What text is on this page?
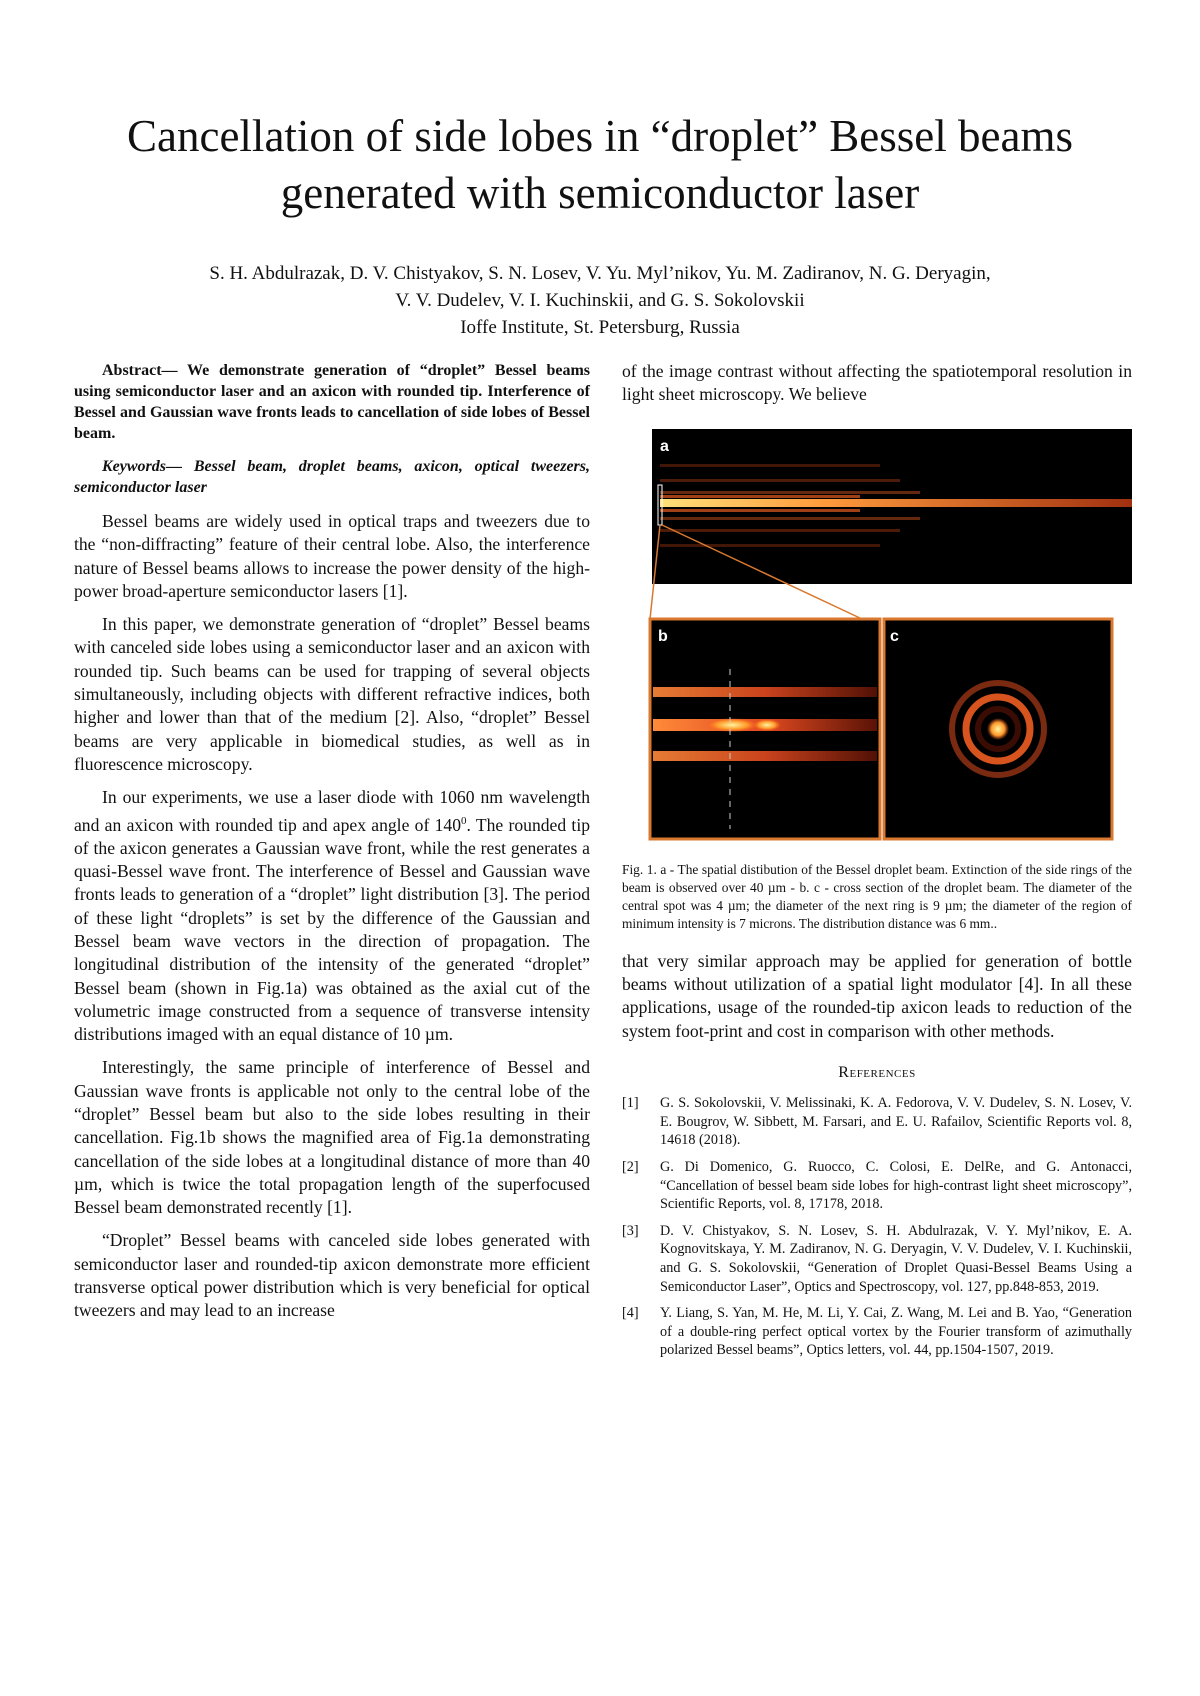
Cancellation of side lobes in “droplet” Bessel beams generated with semiconductor laser
S. H. Abdulrazak, D. V. Chistyakov, S. N. Losev, V. Yu. Myl’nikov, Yu. M. Zadiranov, N. G. Deryagin,
V. V. Dudelev, V. I. Kuchinskii, and G. S. Sokolovskii
Ioffe Institute, St. Petersburg, Russia

Abstract— We demonstrate generation of “droplet” Bessel beams using semiconductor laser and an axicon with rounded tip. Interference of Bessel and Gaussian wave fronts leads to cancellation of side lobes of Bessel beam.

Keywords— Bessel beam, droplet beams, axicon, optical tweezers, semiconductor laser

Bessel beams are widely used in optical traps and tweezers due to the “non-diffracting” feature of their central lobe. Also, the interference nature of Bessel beams allows to increase the power density of the high-power broad-aperture semiconductor lasers [1].

In this paper, we demonstrate generation of “droplet” Bessel beams with canceled side lobes using a semiconductor laser and an axicon with rounded tip. Such beams can be used for trapping of several objects simultaneously, including objects with different refractive indices, both higher and lower than that of the medium [2]. Also, “droplet” Bessel beams are very applicable in biomedical studies, as well as in fluorescence microscopy.

In our experiments, we use a laser diode with 1060 nm wavelength and an axicon with rounded tip and apex angle of $140^0$. The rounded tip of the axicon generates a Gaussian wave front, while the rest generates a quasi-Bessel wave front. The interference of Bessel and Gaussian wave fronts leads to generation of a “droplet” light distribution [3]. The period of these light “droplets” is set by the difference of the Gaussian and Bessel beam wave vectors in the direction of propagation. The longitudinal distribution of the intensity of the generated “droplet” Bessel beam (shown in Fig.1a) was obtained as the axial cut of the volumetric image constructed from a sequence of transverse intensity distributions imaged with an equal distance of 10 µm.

Interestingly, the same principle of interference of Bessel and Gaussian wave fronts is applicable not only to the central lobe of the “droplet” Bessel beam but also to the side lobes resulting in their cancellation. Fig.1b shows the magnified area of Fig.1a demonstrating cancellation of the side lobes at a longitudinal distance of more than 40 µm, which is twice the total propagation length of the superfocused Bessel beam demonstrated recently [1].

“Droplet” Bessel beams with canceled side lobes generated with semiconductor laser and rounded-tip axicon demonstrate more efficient transverse optical power distribution which is very beneficial for optical tweezers and may lead to an increase

of the image contrast without affecting the spatiotemporal resolution in light sheet microscopy. We believe

a
b	c

Fig. 1. a - The spatial distibution of the Bessel droplet beam. Extinction of the side rings of the beam is observed over 40 µm - b. c - cross section of the droplet beam. The diameter of the central spot was 4 µm; the diameter of the next ring is 9 µm; the diameter of the region of minimum intensity is 7 microns. The distribution distance was 6 mm..

that very similar approach may be applied for generation of bottle beams without utilization of a spatial light modulator [4]. In all these applications, usage of the rounded-tip axicon leads to reduction of the system foot-print and cost in comparison with other methods.

References
[1]	G. S. Sokolovskii, V. Melissinaki, K. A. Fedorova, V. V. Dudelev, S. N. Losev, V. E. Bougrov, W. Sibbett, M. Farsari, and E. U. Rafailov, Scientific Reports vol. 8, 14618 (2018).
[2]	G. Di Domenico, G. Ruocco, C. Colosi, E. DelRe, and G. Antonacci, “Cancellation of bessel beam side lobes for high-contrast light sheet microscopy”, Scientific Reports, vol. 8, 17178, 2018.
[3]	D. V. Chistyakov, S. N. Losev, S. H. Abdulrazak, V. Y. Myl’nikov, E. A. Kognovitskaya, Y. M. Zadiranov, N. G. Deryagin, V. V. Dudelev, V. I. Kuchinskii, and G. S. Sokolovskii, “Generation of Droplet Quasi-Bessel Beams Using a Semiconductor Laser”, Optics and Spectroscopy, vol. 127, pp.848-853, 2019.
[4]	Y. Liang, S. Yan, M. He, M. Li, Y. Cai, Z. Wang, M. Lei and B. Yao, “Generation of a double-ring perfect optical vortex by the Fourier transform of azimuthally polarized Bessel beams”, Optics letters, vol. 44, pp.1504-1507, 2019.
